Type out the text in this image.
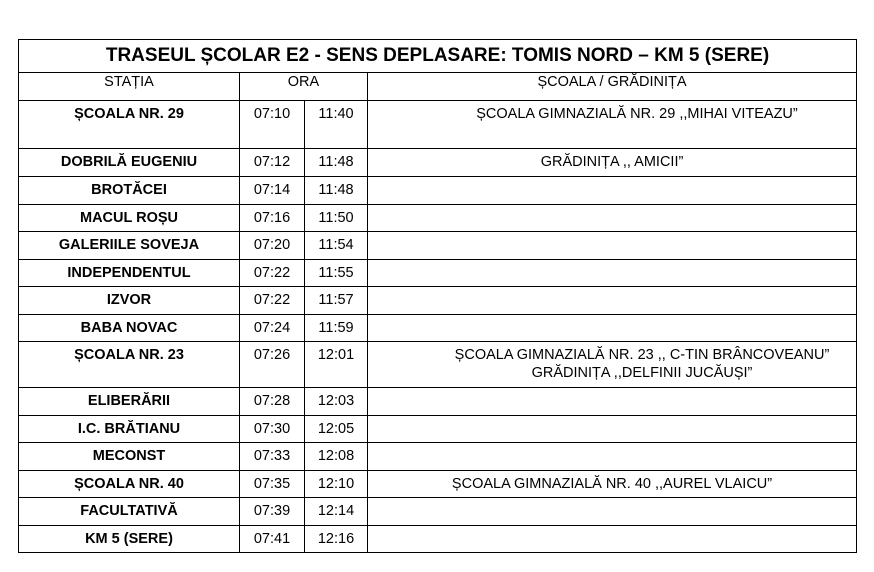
TRASEUL ȘCOLAR E2 - SENS DEPLASARE: TOMIS NORD – KM 5 (SERE)			
STAȚIA	ORA		ȘCOALA / GRĂDINIȚA
ȘCOALA NR. 29	07:10	11:40	ȘCOALA GIMNAZIALĂ NR. 29 ,,MIHAI VITEAZU”

DOBRILĂ EUGENIU	07:12	11:48	GRĂDINIȚA ,, AMICII”

BROTĂCEI	07:14	11:48	
MACUL ROȘU	07:16	11:50	
GALERIILE SOVEJA	07:20	11:54	
INDEPENDENTUL	07:22	11:55	
IZVOR	07:22	11:57	
BABA NOVAC	07:24	11:59	
ȘCOALA NR. 23	07:26	12:01	ȘCOALA GIMNAZIALĂ NR. 23 ,, C-TIN BRÂNCOVEANU”
GRĂDINIȚA ,,DELFINII JUCĂUȘI”

ELIBERĂRII	07:28	12:03	
I.C. BRĂTIANU	07:30	12:05	
MECONST	07:33	12:08	
ȘCOALA NR. 40	07:35	12:10	ȘCOALA GIMNAZIALĂ NR. 40 ,,AUREL VLAICU”

FACULTATIVĂ	07:39	12:14	
KM 5 (SERE)	07:41	12:16	
